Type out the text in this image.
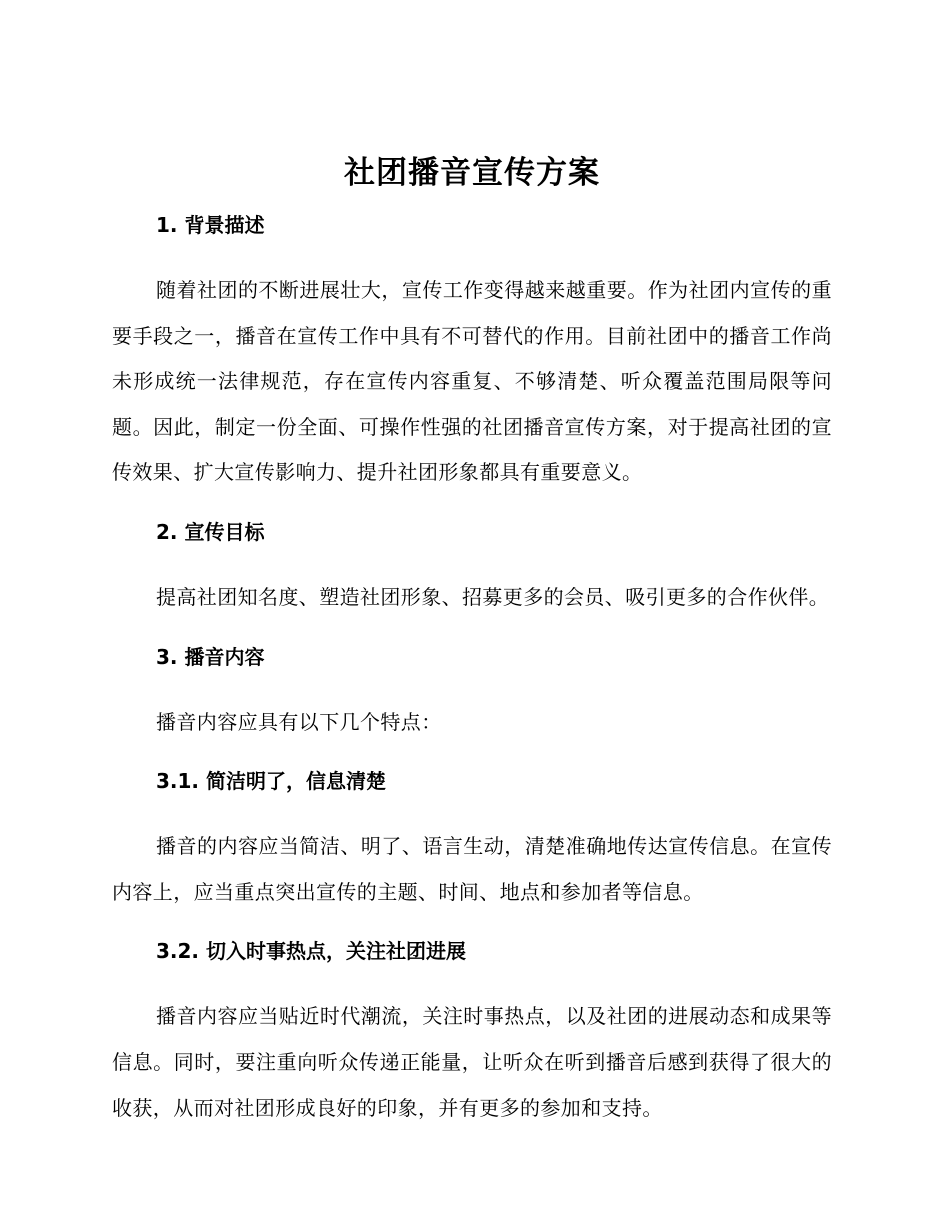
社团播音宣传方案
1. 背景描述

随着社团的不断进展壮大，宣传工作变得越来越重要。作为社团内宣传的重要手段之一，播音在宣传工作中具有不可替代的作用。目前社团中的播音工作尚未形成统一法律规范，存在宣传内容重复、不够清楚、听众覆盖范围局限等问题。因此，制定一份全面、可操作性强的社团播音宣传方案，对于提高社团的宣传效果、扩大宣传影响力、提升社团形象都具有重要意义。

2. 宣传目标

提高社团知名度、塑造社团形象、招募更多的会员、吸引更多的合作伙伴。

3. 播音内容

播音内容应具有以下几个特点：

3.1. 简洁明了，信息清楚

播音的内容应当简洁、明了、语言生动，清楚准确地传达宣传信息。在宣传内容上，应当重点突出宣传的主题、时间、地点和参加者等信息。

3.2. 切入时事热点，关注社团进展

播音内容应当贴近时代潮流，关注时事热点，以及社团的进展动态和成果等信息。同时，要注重向听众传递正能量，让听众在听到播音后感到获得了很大的收获，从而对社团形成良好的印象，并有更多的参加和支持。
